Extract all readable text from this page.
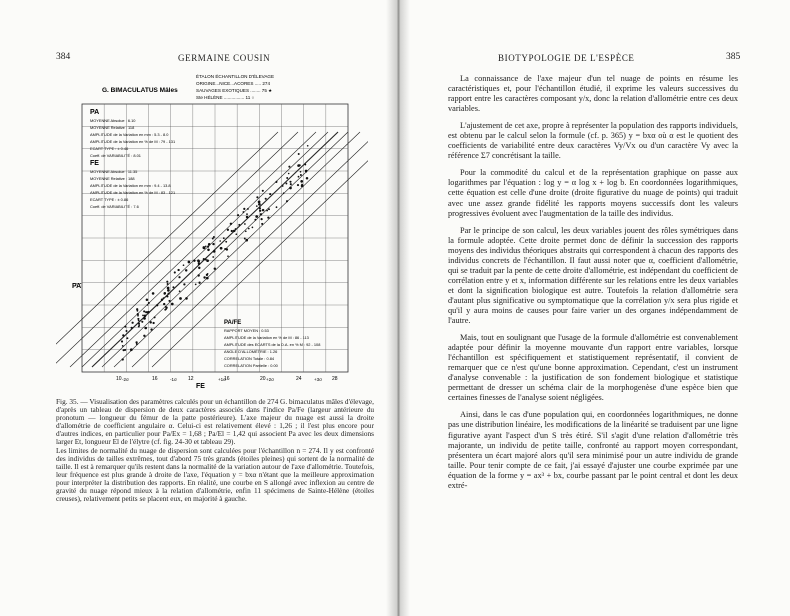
384	GERMAINE COUSIN
G. BIMACULATUS Mâles
ÉTALON ÉCHANTILLON D'ÉLEVAGE
ORIGINE...NICE...ACORES ..... 274
SAUVAGES EXOTIQUES ........ 75 ★
Ste HÉLÈNE ................ 11 ○
PA
MOYENNE Absolue : 6.10
MOYENNE Relative : 118
AMPLITUDE de la Variation en mm : 5.3 - 8.0
AMPLITUDE de la Variation en % de M : 79 - 131
ECART TYPE : ± 0.46
Coeff. de VARIABILITÉ : 8.01
FE
MOYENNE Absolue : 11.35
MOYENNE Relative : 188
AMPLITUDE de la Variation en mm : 9.4 - 13.8
AMPLITUDE de la Variation en % de M : 83 - 121
ECART TYPE : ± 0.86
Coeff. de VARIABILITÉ : 7.6
PA/FE
RAPPORT MOYEN : 0.53
AMPLITUDE de la Variation en % de M : 86 - 113
AMPLITUDE des ECARTS de la D.A. en % M : 92 - 108
ANGLE D'ALLOMÉTRIE : 1.26
CORRELATION Totale : 0.84
CORRELATION Partielle : 0.00
PA
FE
10	16	12	16	20	24	28
-2σ	-1σ	+1σ	+2σ	+3σ

Fig. 35. — Visualisation des paramètres calculés pour un échantillon de 274 G. bimaculatus mâles d'élevage, d'après un tableau de dispersion de deux caractères associés dans l'indice Pa/Fe (largeur antérieure du pronotum — longueur du fémur de la patte postérieure). L'axe majeur du nuage est aussi la droite d'allométrie de coefficient angulaire α. Celui-ci est relativement élevé : 1,26 ; il l'est plus encore pour d'autres indices, en particulier pour Pa/Ex = 1,68 ; Pa/El = 1,42 qui associent Pa avec les deux dimensions larger Et, longueur El de l'élytre (cf. fig. 24-30 et tableau 29).

Les limites de normalité du nuage de dispersion sont calculées pour l'échantillon n = 274. Il y est confronté des individus de tailles extrêmes, tout d'abord 75 très grands (étoiles pleines) qui sortent de la normalité de taille. Il est à remarquer qu'ils restent dans la normalité de la variation autour de l'axe d'allométrie. Toutefois, leur fréquence est plus grande à droite de l'axe, l'équation y = bxα n'étant que la meilleure approximation pour interpréter la distribution des rapports. En réalité, une courbe en S allongé avec inflexion au centre de gravité du nuage répond mieux à la relation d'allométrie, enfin 11 spécimens de Sainte-Hélène (étoiles creuses), relativement petits se placent eux, en majorité à gauche.

BIOTYPOLOGIE DE L'ESPÈCE	385

La connaissance de l'axe majeur d'un tel nuage de points en résume les caractéristiques et, pour l'échantillon étudié, il exprime les valeurs successives du rapport entre les caractères composant y/x, donc la relation d'allométrie entre ces deux variables.

L'ajustement de cet axe, propre à représenter la population des rapports individuels, est obtenu par le calcul selon la formule (cf. p. 365) y = bxα où α est le quotient des coefficients de variabilité entre deux caractères Vy/Vx ou d'un caractère Vy avec la référence Σ7 concrétisant la taille.

Pour la commodité du calcul et de la représentation graphique on passe aux logarithmes par l'équation : log y = α log x + log b. En coordonnées logarithmiques, cette équation est celle d'une droite (droite figurative du nuage de points) qui traduit avec une assez grande fidélité les rapports moyens successifs dont les valeurs progressives évoluent avec l'augmentation de la taille des individus.

Par le principe de son calcul, les deux variables jouent des rôles symétriques dans la formule adoptée. Cette droite permet donc de définir la succession des rapports moyens des individus théoriques abstraits qui correspondent à chacun des rapports des individus concrets de l'échantillon. Il faut aussi noter que α, coefficient d'allométrie, qui se traduit par la pente de cette droite d'allométrie, est indépendant du coefficient de corrélation entre y et x, information différente sur les relations entre les deux variables et dont la signification biologique est autre. Toutefois la relation d'allométrie sera d'autant plus significative ou symptomatique que la corrélation y/x sera plus rigide et qu'il y aura moins de causes pour faire varier un des organes indépendamment de l'autre.

Mais, tout en soulignant que l'usage de la formule d'allométrie est convenablement adaptée pour définir la moyenne mouvante d'un rapport entre variables, lorsque l'échantillon est spécifiquement et statistiquement représentatif, il convient de remarquer que ce n'est qu'une bonne approximation. Cependant, c'est un instrument d'analyse convenable : la justification de son fondement biologique et statistique permettant de dresser un schéma clair de la morphogenèse d'une espèce bien que certaines finesses de l'analyse soient négligées.

Ainsi, dans le cas d'une population qui, en coordonnées logarithmiques, ne donne pas une distribution linéaire, les modifications de la linéarité se traduisent par une ligne figurative ayant l'aspect d'un S très étiré. S'il s'agit d'une relation d'allométrie très majorante, un individu de petite taille, confronté au rapport moyen correspondant, présentera un écart majoré alors qu'il sera minimisé pour un autre individu de grande taille. Pour tenir compte de ce fait, j'ai essayé d'ajuster une courbe exprimée par une équation de la forme y = ax³ + bx, courbe passant par le point central et dont les deux extré-
